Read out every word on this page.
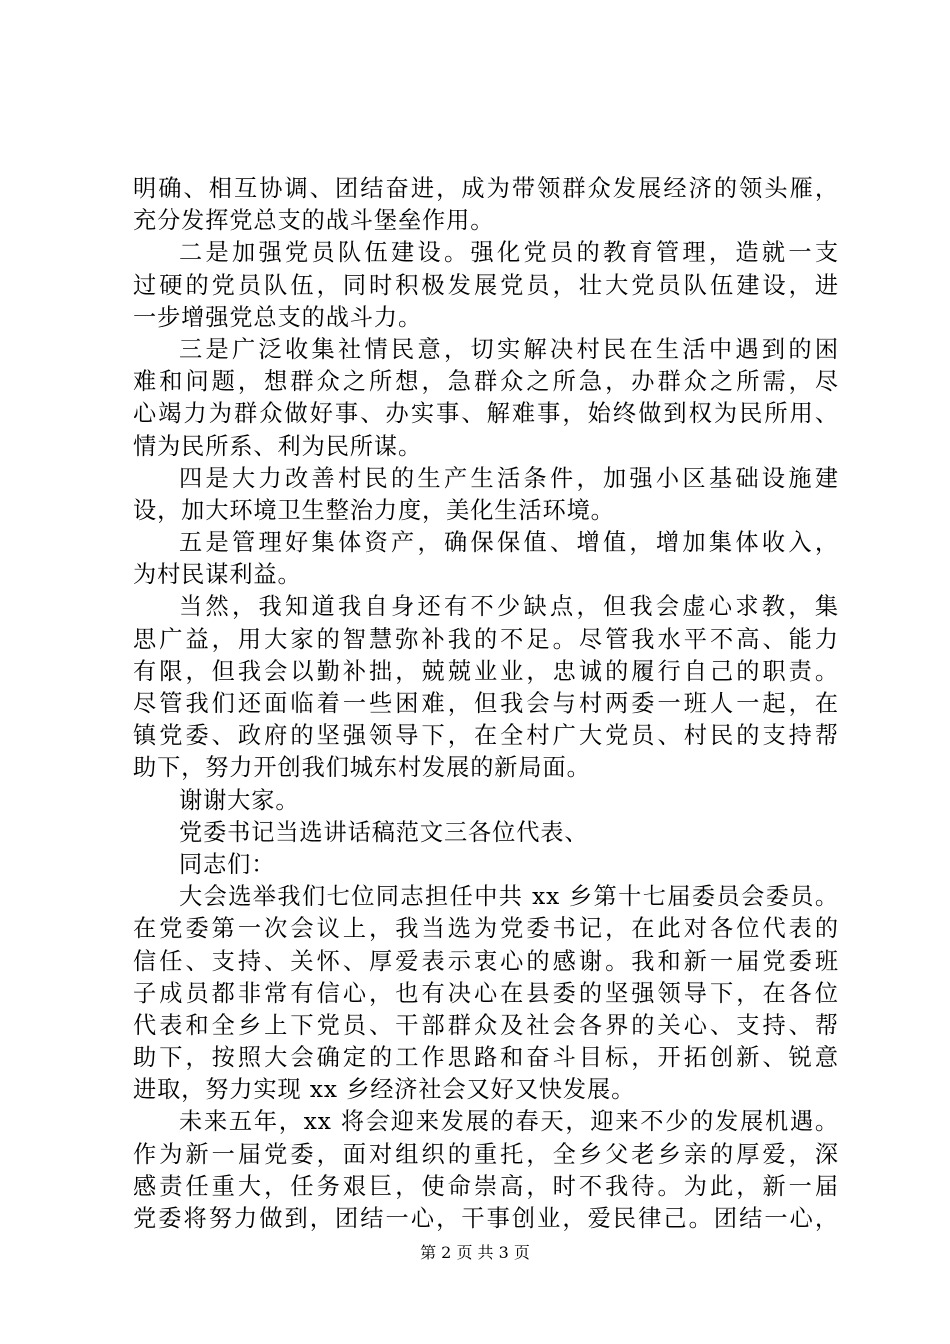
明确、相互协调、团结奋进，成为带领群众发展经济的领头雁，
充分发挥党总支的战斗堡垒作用。
二是加强党员队伍建设。强化党员的教育管理，造就一支
过硬的党员队伍，同时积极发展党员，壮大党员队伍建设，进
一步增强党总支的战斗力。
三是广泛收集社情民意，切实解决村民在生活中遇到的困
难和问题，想群众之所想，急群众之所急，办群众之所需，尽
心竭力为群众做好事、办实事、解难事，始终做到权为民所用、
情为民所系、利为民所谋。
四是大力改善村民的生产生活条件，加强小区基础设施建
设，加大环境卫生整治力度，美化生活环境。
五是管理好集体资产，确保保值、增值，增加集体收入，
为村民谋利益。
当然，我知道我自身还有不少缺点，但我会虚心求教，集
思广益，用大家的智慧弥补我的不足。尽管我水平不高、能力
有限，但我会以勤补拙，兢兢业业，忠诚的履行自己的职责。
尽管我们还面临着一些困难，但我会与村两委一班人一起，在
镇党委、政府的坚强领导下，在全村广大党员、村民的支持帮
助下，努力开创我们城东村发展的新局面。
谢谢大家。
党委书记当选讲话稿范文三各位代表、
同志们：
大会选举我们七位同志担任中共 xx 乡第十七届委员会委员。
在党委第一次会议上，我当选为党委书记，在此对各位代表的
信任、支持、关怀、厚爱表示衷心的感谢。我和新一届党委班
子成员都非常有信心，也有决心在县委的坚强领导下，在各位
代表和全乡上下党员、干部群众及社会各界的关心、支持、帮
助下，按照大会确定的工作思路和奋斗目标，开拓创新、锐意
进取，努力实现 xx 乡经济社会又好又快发展。
未来五年，xx 将会迎来发展的春天，迎来不少的发展机遇。
作为新一届党委，面对组织的重托，全乡父老乡亲的厚爱，深
感责任重大，任务艰巨，使命崇高，时不我待。为此，新一届
党委将努力做到，团结一心，干事创业，爱民律己。团结一心，
第 2 页 共 3 页
